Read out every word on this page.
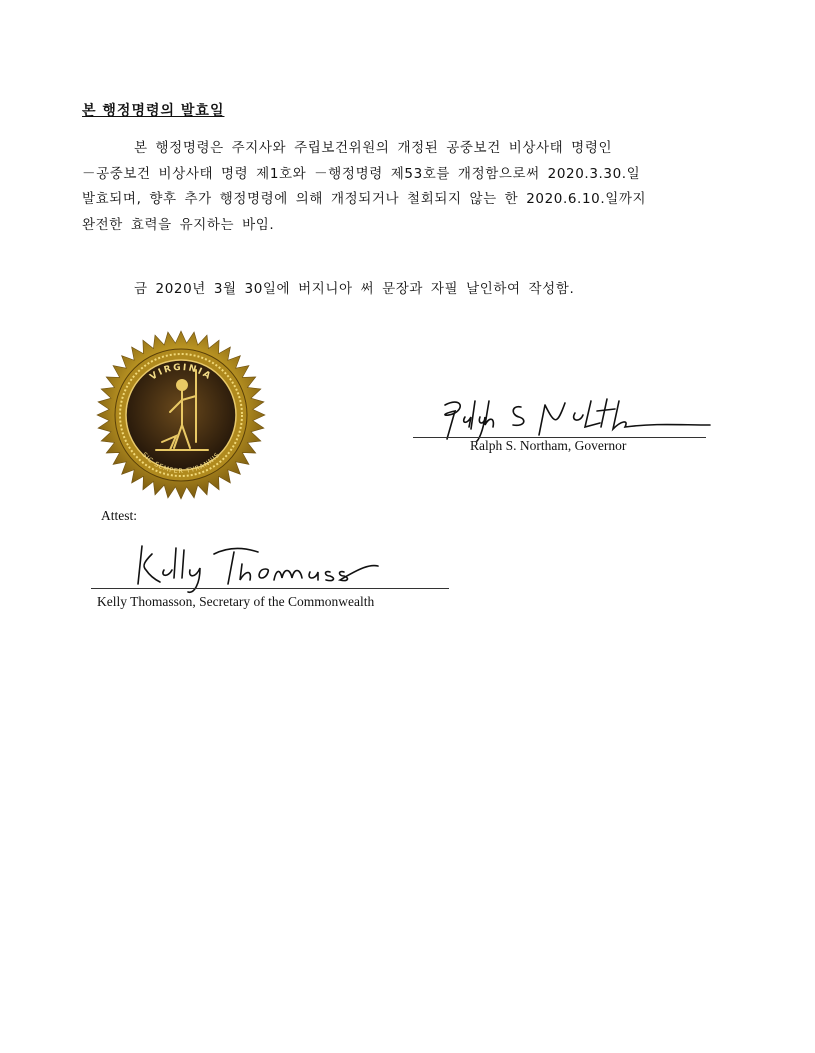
본 행정명령의 발효일
본 행정명령은 주지사와 주립보건위원의 개정된 공중보건 비상사태 명령인
－공중보건 비상사태 명령 제1호와 －행정명령 제53호를 개정함으로써 2020.3.30.일
발효되며, 향후 추가 행정명령에 의해 개정되거나 철회되지 않는 한 2020.6.10.일까지
완전한 효력을 유지하는 바임.
금 2020년 3월 30일에 버지니아 써 문장과 자필 날인하여 작성함.
VIRGINIA
SIC SEMPER TYRANNIS
Ralph S. Northam, Governor
Attest:
Kelly Thomasson, Secretary of the Commonwealth
